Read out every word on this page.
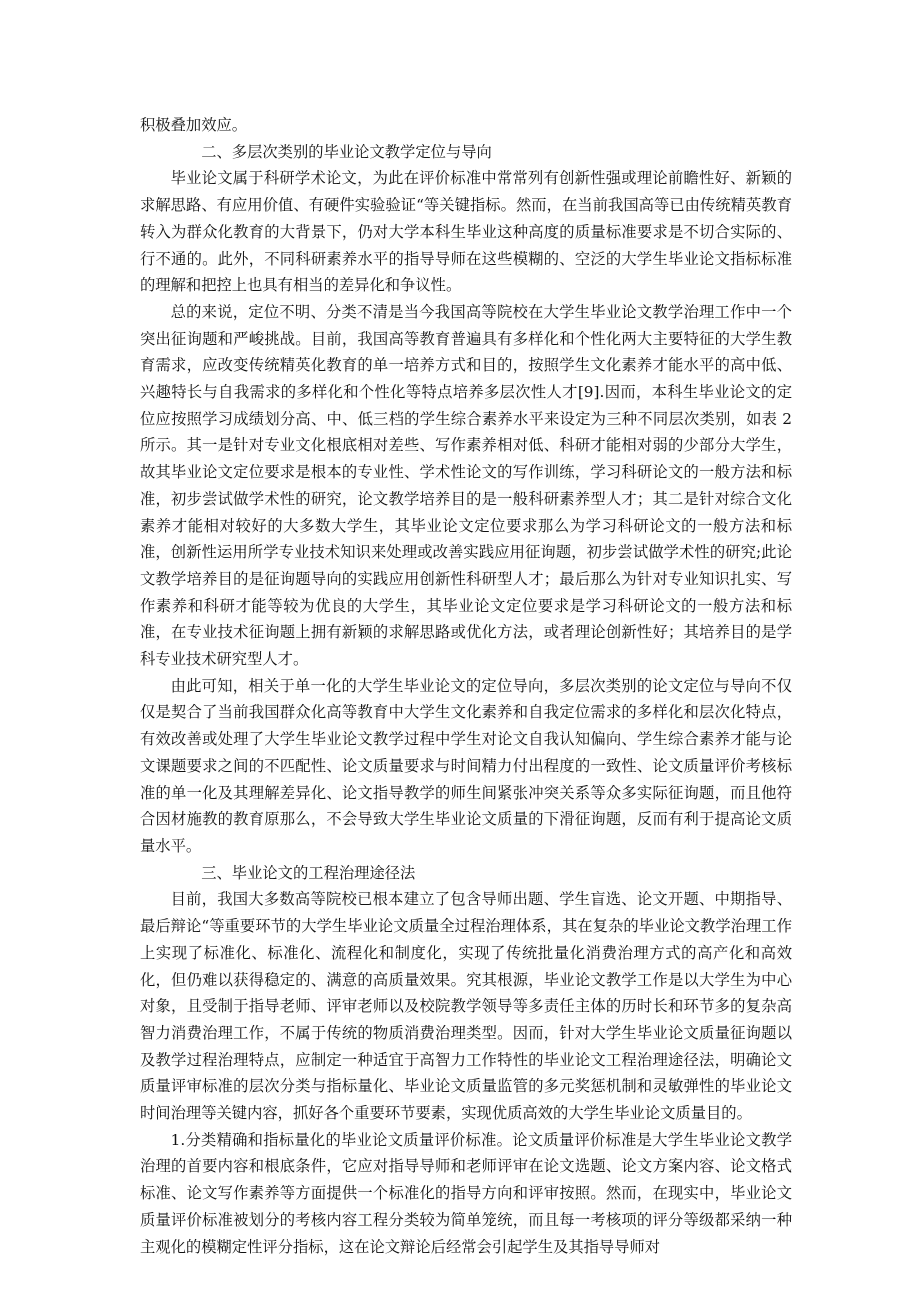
积极叠加效应。

二、多层次类别的毕业论文教学定位与导向

毕业论文属于科研学术论文，为此在评价标准中常常列有创新性强或理论前瞻性好、新颖的求解思路、有应用价值、有硬件实验验证“等关键指标。然而，在当前我国高等已由传统精英教育转入为群众化教育的大背景下，仍对大学本科生毕业这种高度的质量标准要求是不切合实际的、行不通的。此外，不同科研素养水平的指导导师在这些模糊的、空泛的大学生毕业论文指标标准的理解和把控上也具有相当的差异化和争议性。

总的来说，定位不明、分类不清是当今我国高等院校在大学生毕业论文教学治理工作中一个突出征询题和严峻挑战。目前，我国高等教育普遍具有多样化和个性化两大主要特征的大学生教育需求，应改变传统精英化教育的单一培养方式和目的，按照学生文化素养才能水平的高中低、兴趣特长与自我需求的多样化和个性化等特点培养多层次性人才[9].因而，本科生毕业论文的定位应按照学习成绩划分高、中、低三档的学生综合素养水平来设定为三种不同层次类别，如表 2 所示。其一是针对专业文化根底相对差些、写作素养相对低、科研才能相对弱的少部分大学生，故其毕业论文定位要求是根本的专业性、学术性论文的写作训练，学习科研论文的一般方法和标准，初步尝试做学术性的研究，论文教学培养目的是一般科研素养型人才；其二是针对综合文化素养才能相对较好的大多数大学生，其毕业论文定位要求那么为学习科研论文的一般方法和标准，创新性运用所学专业技术知识来处理或改善实践应用征询题，初步尝试做学术性的研究;此论文教学培养目的是征询题导向的实践应用创新性科研型人才；最后那么为针对专业知识扎实、写作素养和科研才能等较为优良的大学生，其毕业论文定位要求是学习科研论文的一般方法和标准，在专业技术征询题上拥有新颖的求解思路或优化方法，或者理论创新性好；其培养目的是学科专业技术研究型人才。

由此可知，相关于单一化的大学生毕业论文的定位导向，多层次类别的论文定位与导向不仅仅是契合了当前我国群众化高等教育中大学生文化素养和自我定位需求的多样化和层次化特点，有效改善或处理了大学生毕业论文教学过程中学生对论文自我认知偏向、学生综合素养才能与论文课题要求之间的不匹配性、论文质量要求与时间精力付出程度的一致性、论文质量评价考核标准的单一化及其理解差异化、论文指导教学的师生间紧张冲突关系等众多实际征询题，而且他符合因材施教的教育原那么，不会导致大学生毕业论文质量的下滑征询题，反而有利于提高论文质量水平。

三、毕业论文的工程治理途径法

目前，我国大多数高等院校已根本建立了包含导师出题、学生盲选、论文开题、中期指导、最后辩论“等重要环节的大学生毕业论文质量全过程治理体系，其在复杂的毕业论文教学治理工作上实现了标准化、标准化、流程化和制度化，实现了传统批量化消费治理方式的高产化和高效化，但仍难以获得稳定的、满意的高质量效果。究其根源，毕业论文教学工作是以大学生为中心对象，且受制于指导老师、评审老师以及校院教学领导等多责任主体的历时长和环节多的复杂高智力消费治理工作，不属于传统的物质消费治理类型。因而，针对大学生毕业论文质量征询题以及教学过程治理特点，应制定一种适宜于高智力工作特性的毕业论文工程治理途径法，明确论文质量评审标准的层次分类与指标量化、毕业论文质量监管的多元奖惩机制和灵敏弹性的毕业论文时间治理等关键内容，抓好各个重要环节要素，实现优质高效的大学生毕业论文质量目的。

1.分类精确和指标量化的毕业论文质量评价标准。论文质量评价标准是大学生毕业论文教学治理的首要内容和根底条件，它应对指导导师和老师评审在论文选题、论文方案内容、论文格式标准、论文写作素养等方面提供一个标准化的指导方向和评审按照。然而，在现实中，毕业论文质量评价标准被划分的考核内容工程分类较为简单笼统，而且每一考核项的评分等级都采纳一种主观化的模糊定性评分指标，这在论文辩论后经常会引起学生及其指导导师对
